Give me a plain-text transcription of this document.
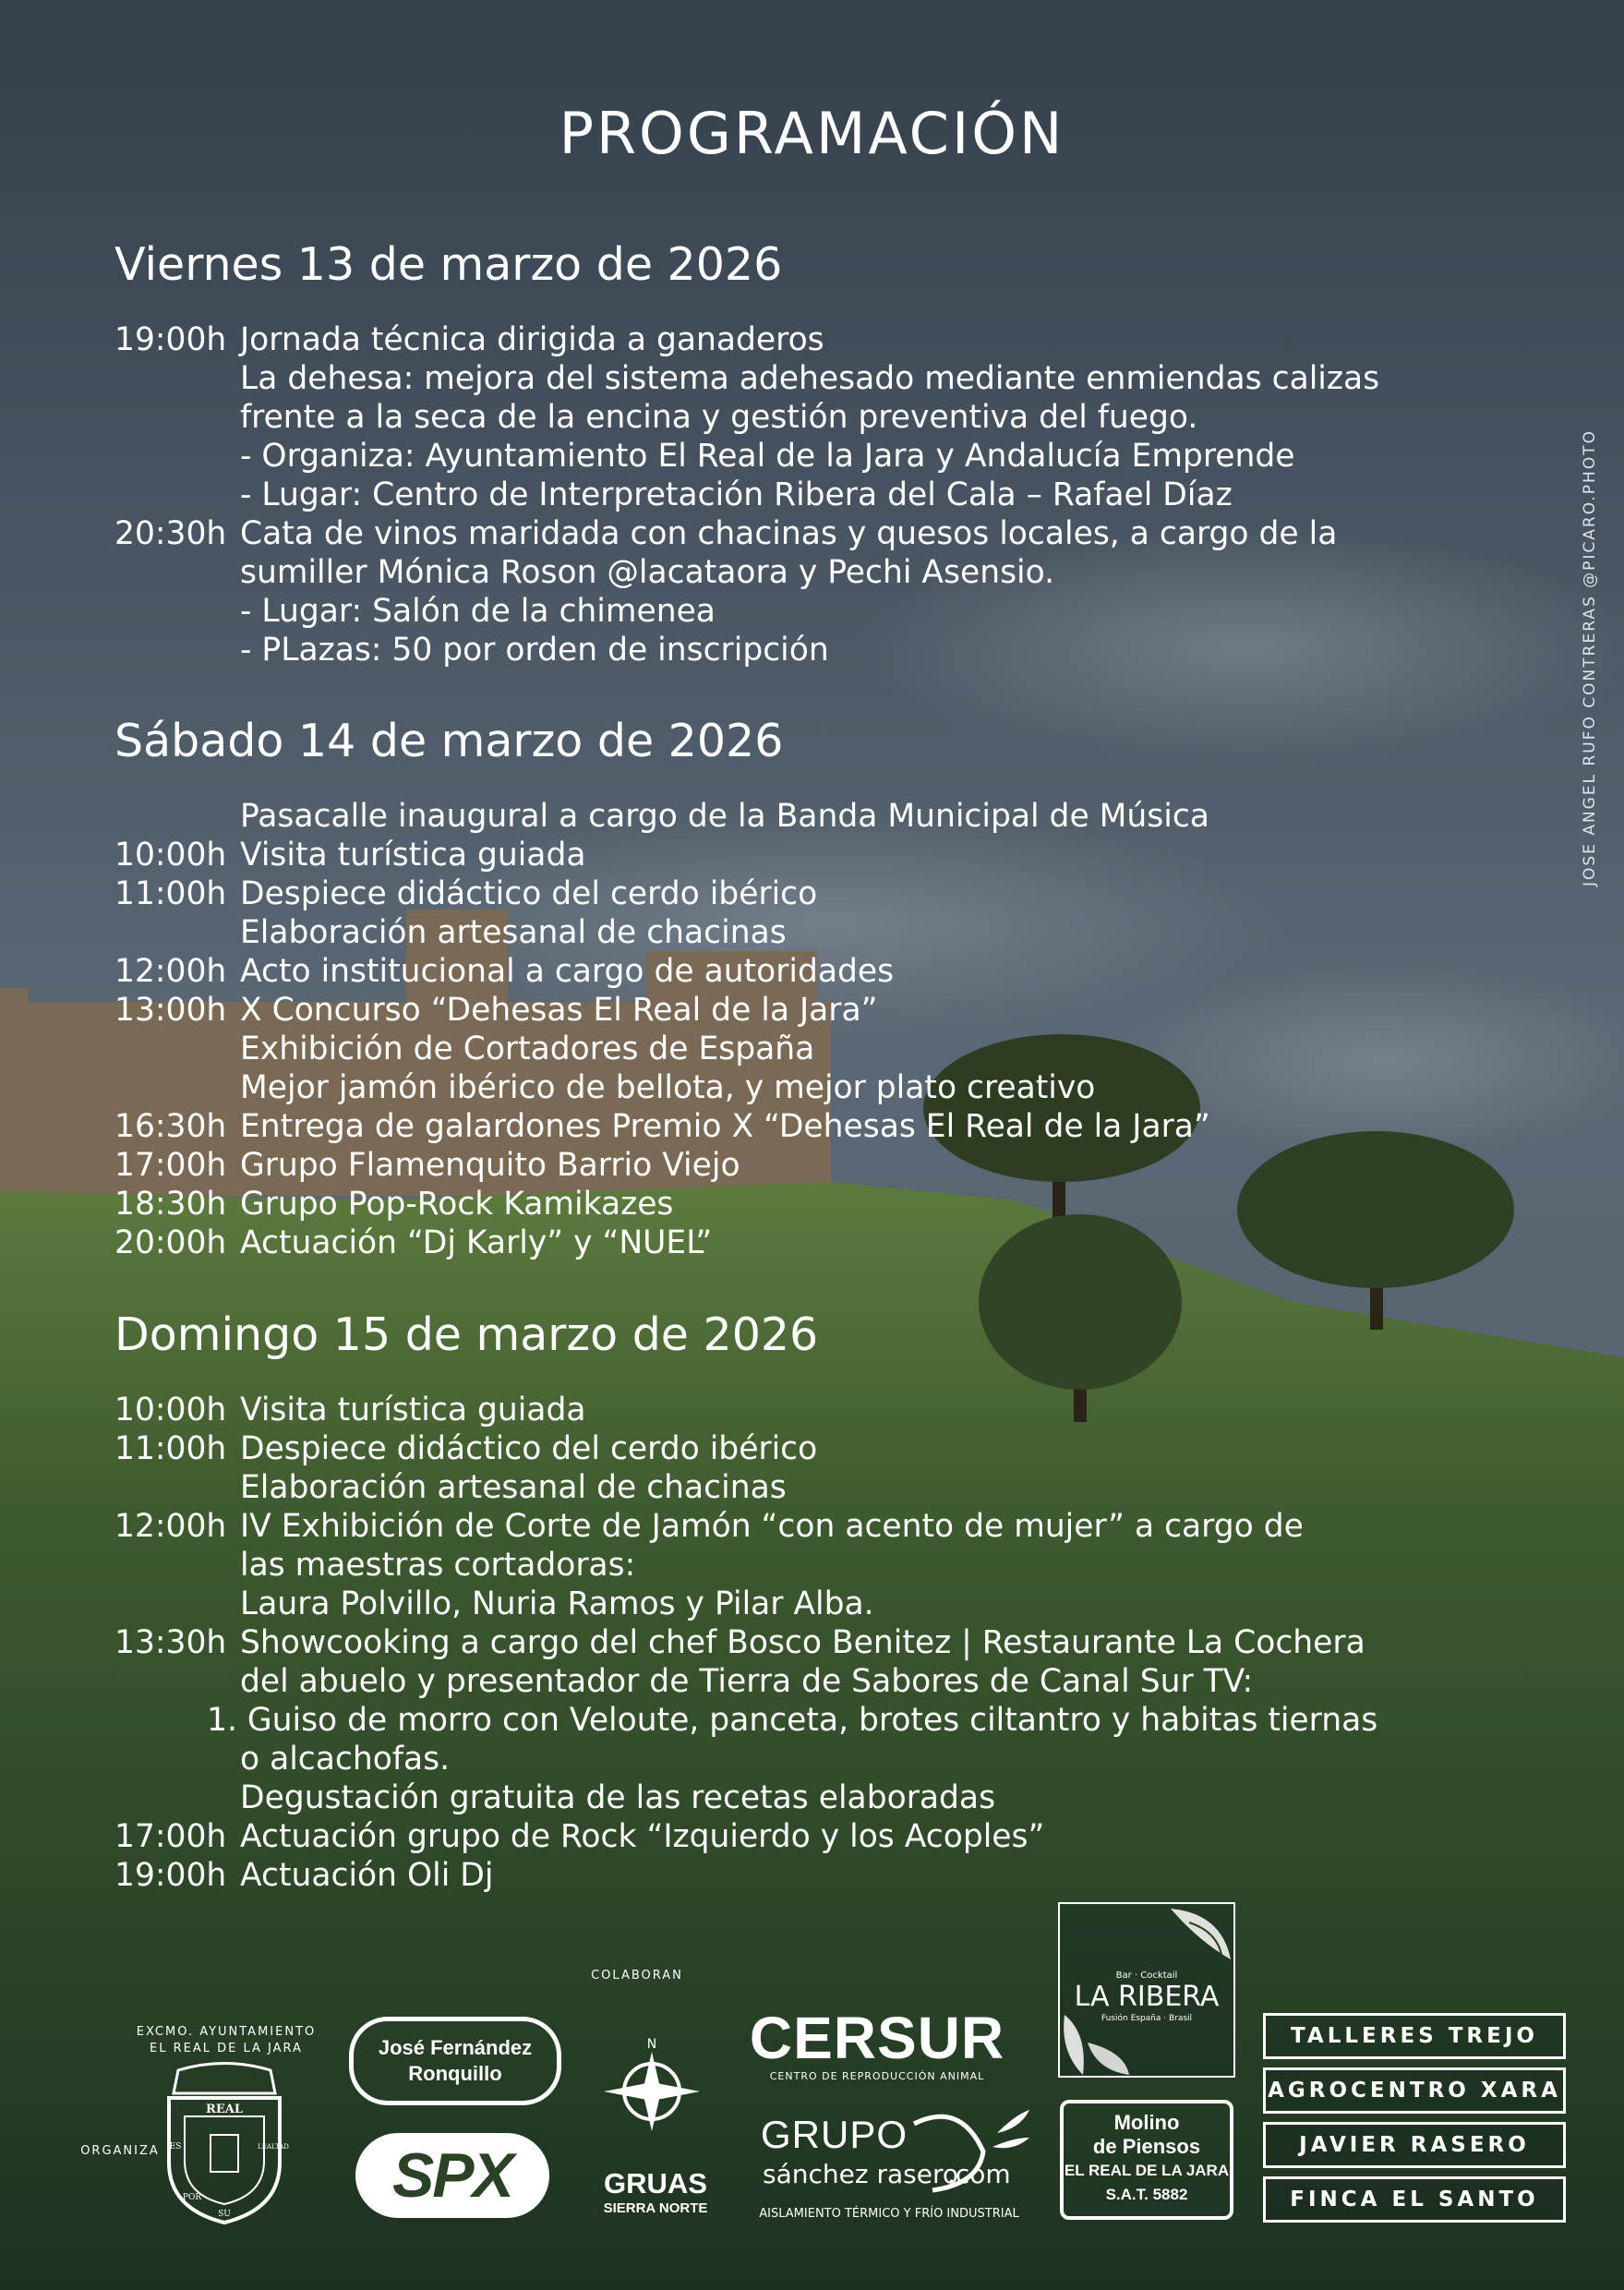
PROGRAMACIÓN
JOSE ANGEL RUFO CONTRERAS @PICARO.PHOTO
Viernes 13 de marzo de 2026
19:00h Jornada técnica dirigida a ganaderos
La dehesa: mejora del sistema adehesado mediante enmiendas calizas
frente a la seca de la encina y gestión preventiva del fuego.
- Organiza: Ayuntamiento El Real de la Jara y Andalucía Emprende
- Lugar: Centro de Interpretación Ribera del Cala – Rafael Díaz
20:30h Cata de vinos maridada con chacinas y quesos locales, a cargo de la
sumiller Mónica Roson @lacataora y Pechi Asensio.
- Lugar: Salón de la chimenea
- PLazas: 50 por orden de inscripción
Sábado 14 de marzo de 2026
Pasacalle inaugural a cargo de la Banda Municipal de Música
10:00h Visita turística guiada
11:00h Despiece didáctico del cerdo ibérico
Elaboración artesanal de chacinas
12:00h Acto institucional a cargo de autoridades
13:00h X Concurso “Dehesas El Real de la Jara”
Exhibición de Cortadores de España
Mejor jamón ibérico de bellota, y mejor plato creativo
16:30h Entrega de galardones Premio X “Dehesas El Real de la Jara”
17:00h Grupo Flamenquito Barrio Viejo
18:30h Grupo Pop-Rock Kamikazes
20:00h Actuación “Dj Karly” y “NUEL”
Domingo 15 de marzo de 2026
10:00h Visita turística guiada
11:00h Despiece didáctico del cerdo ibérico
Elaboración artesanal de chacinas
12:00h IV Exhibición de Corte de Jamón “con acento de mujer” a cargo de
las maestras cortadoras:
Laura Polvillo, Nuria Ramos y Pilar Alba.
13:30h Showcooking a cargo del chef Bosco Benitez | Restaurante La Cochera
del abuelo y presentador de Tierra de Sabores de Canal Sur TV:
1. Guiso de morro con Veloute, panceta, brotes ciltantro y habitas tiernas
o alcachofas.
Degustación gratuita de las recetas elaboradas
17:00h Actuación grupo de Rock “Izquierdo y los Acoples”
19:00h Actuación Oli Dj
COLABORAN
EXCMO. AYUNTAMIENTO
EL REAL DE LA JARA
ORGANIZA
REAL
ES	LEALTAD
POR
SU
José Fernández
Ronquillo
SPX
N
GRUAS
SIERRA NORTE
CERSUR
CENTRO DE REPRODUCCIÓN ANIMAL
GRUPO
sánchez rasero
.com
AISLAMIENTO TÉRMICO Y FRÍO INDUSTRIAL
Bar · Cocktail
LA RIBERA
Fusión España · Brasil
Molino
de Piensos
EL REAL DE LA JARA
S.A.T. 5882
TALLERES TREJO
AGROCENTRO XARA
JAVIER RASERO
FINCA EL SANTO
